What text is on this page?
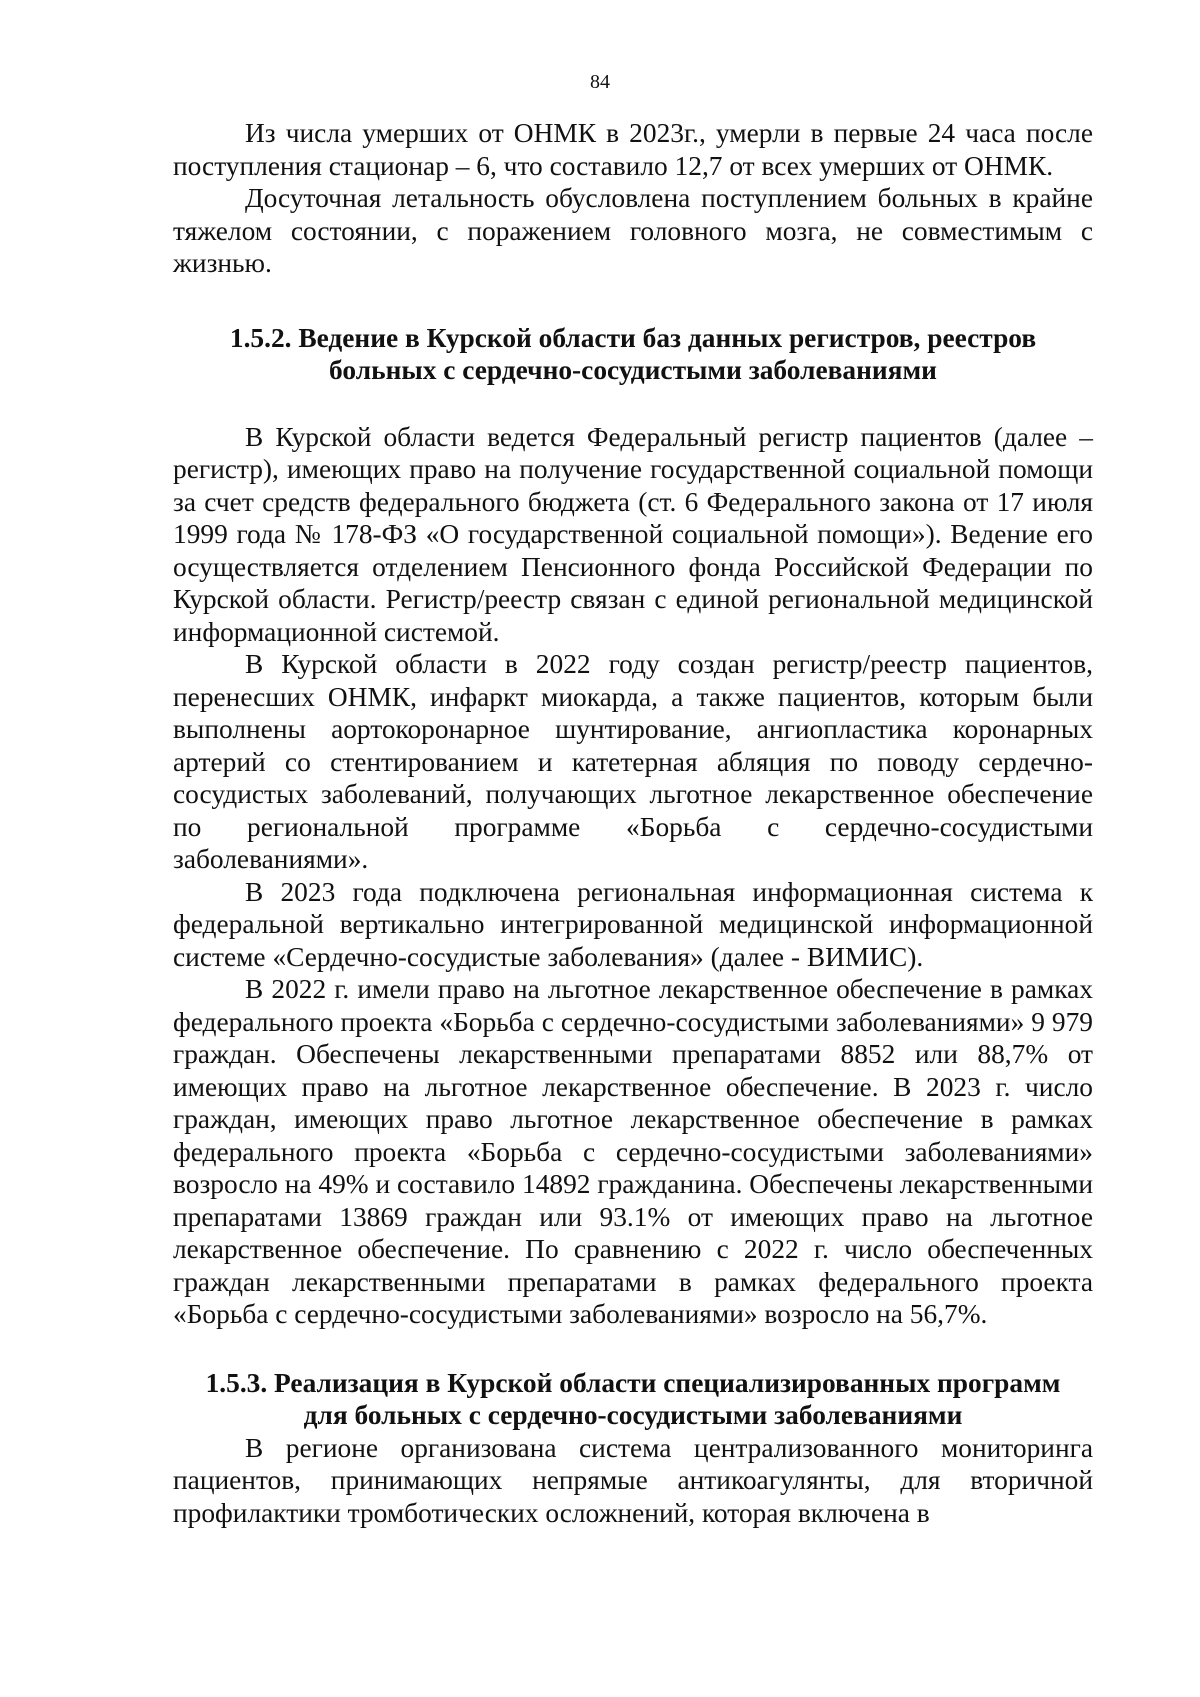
84

Из числа умерших от ОНМК в 2023г., умерли в первые 24 часа после поступления стационар – 6, что составило 12,7 от всех умерших от ОНМК.

Досуточная летальность обусловлена поступлением больных в крайне тяжелом состоянии, с поражением головного мозга, не совместимым с жизнью.

1.5.2. Ведение в Курской области баз данных регистров, реестров
больных с сердечно-сосудистыми заболеваниями

В Курской области ведется Федеральный регистр пациентов (далее – регистр), имеющих право на получение государственной социальной помощи за счет средств федерального бюджета (ст. 6 Федерального закона от 17 июля 1999 года № 178-ФЗ «О государственной социальной помощи»). Ведение его осуществляется отделением Пенсионного фонда Российской Федерации по Курской области. Регистр/реестр связан с единой региональной медицинской информационной системой.

В Курской области в 2022 году создан регистр/реестр пациентов, перенесших ОНМК, инфаркт миокарда, а также пациентов, которым были выполнены аортокоронарное шунтирование, ангиопластика коронарных артерий со стентированием и катетерная абляция по поводу сердечно-сосудистых заболеваний, получающих льготное лекарственное обеспечение по региональной программе «Борьба с сердечно-сосудистыми заболеваниями».

В 2023 года подключена региональная информационная система к федеральной вертикально интегрированной медицинской информационной системе «Сердечно-сосудистые заболевания» (далее - ВИМИС).

В 2022 г. имели право на льготное лекарственное обеспечение в рамках федерального проекта «Борьба с сердечно-сосудистыми заболеваниями» 9 979 граждан. Обеспечены лекарственными препаратами 8852 или 88,7% от имеющих право на льготное лекарственное обеспечение. В 2023 г. число граждан, имеющих право льготное лекарственное обеспечение в рамках федерального проекта «Борьба с сердечно-сосудистыми заболеваниями» возросло на 49% и составило 14892 гражданина. Обеспечены лекарственными препаратами 13869 граждан или 93.1% от имеющих право на льготное лекарственное обеспечение. По сравнению с 2022 г. число обеспеченных граждан лекарственными препаратами в рамках федерального проекта «Борьба с сердечно-сосудистыми заболеваниями» возросло на 56,7%.

1.5.3. Реализация в Курской области специализированных программ
для больных с сердечно-сосудистыми заболеваниями

В регионе организована система централизованного мониторинга пациентов, принимающих непрямые антикоагулянты, для вторичной профилактики тромботических осложнений, которая включена в
